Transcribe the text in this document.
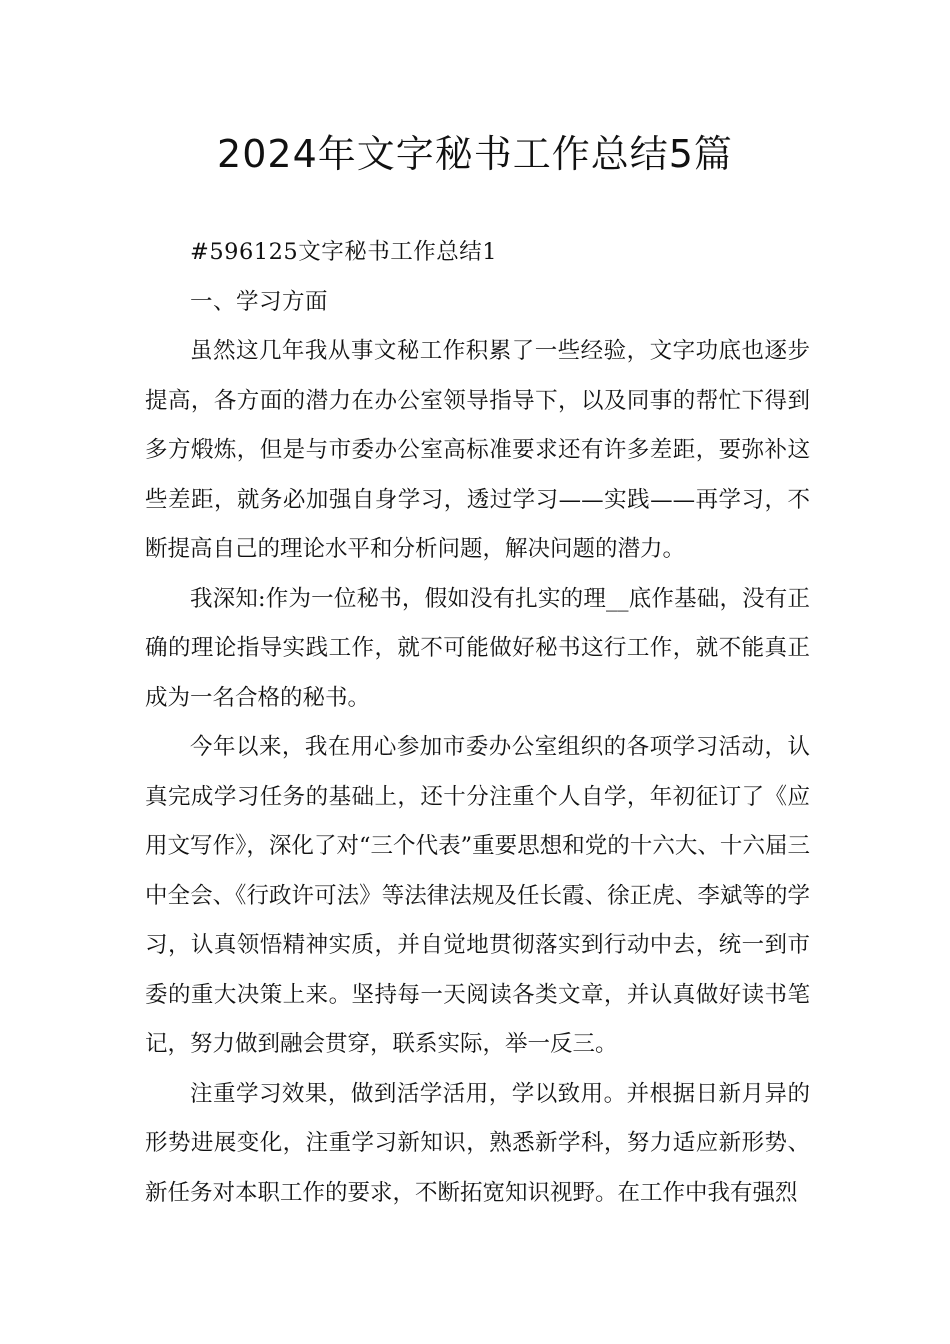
2024年文字秘书工作总结5篇

#596125文字秘书工作总结1

一、学习方面

虽然这几年我从事文秘工作积累了一些经验，文字功底也逐步提高，各方面的潜力在办公室领导指导下，以及同事的帮忙下得到多方煅炼，但是与市委办公室高标准要求还有许多差距，要弥补这些差距，就务必加强自身学习，透过学习——实践——再学习，不断提高自己的理论水平和分析问题，解决问题的潜力。

我深知:作为一位秘书，假如没有扎实的理__底作基础，没有正确的理论指导实践工作，就不可能做好秘书这行工作，就不能真正成为一名合格的秘书。

今年以来，我在用心参加市委办公室组织的各项学习活动，认真完成学习任务的基础上，还十分注重个人自学，年初征订了《应用文写作》，深化了对“三个代表”重要思想和党的十六大、十六届三中全会、《行政许可法》等法律法规及任长霞、徐正虎、李斌等的学习，认真领悟精神实质，并自觉地贯彻落实到行动中去，统一到市委的重大决策上来。坚持每一天阅读各类文章，并认真做好读书笔记，努力做到融会贯穿，联系实际，举一反三。

注重学习效果，做到活学活用，学以致用。并根据日新月异的形势进展变化，注重学习新知识，熟悉新学科，努力适应新形势、新任务对本职工作的要求，不断拓宽知识视野。在工作中我有强烈
